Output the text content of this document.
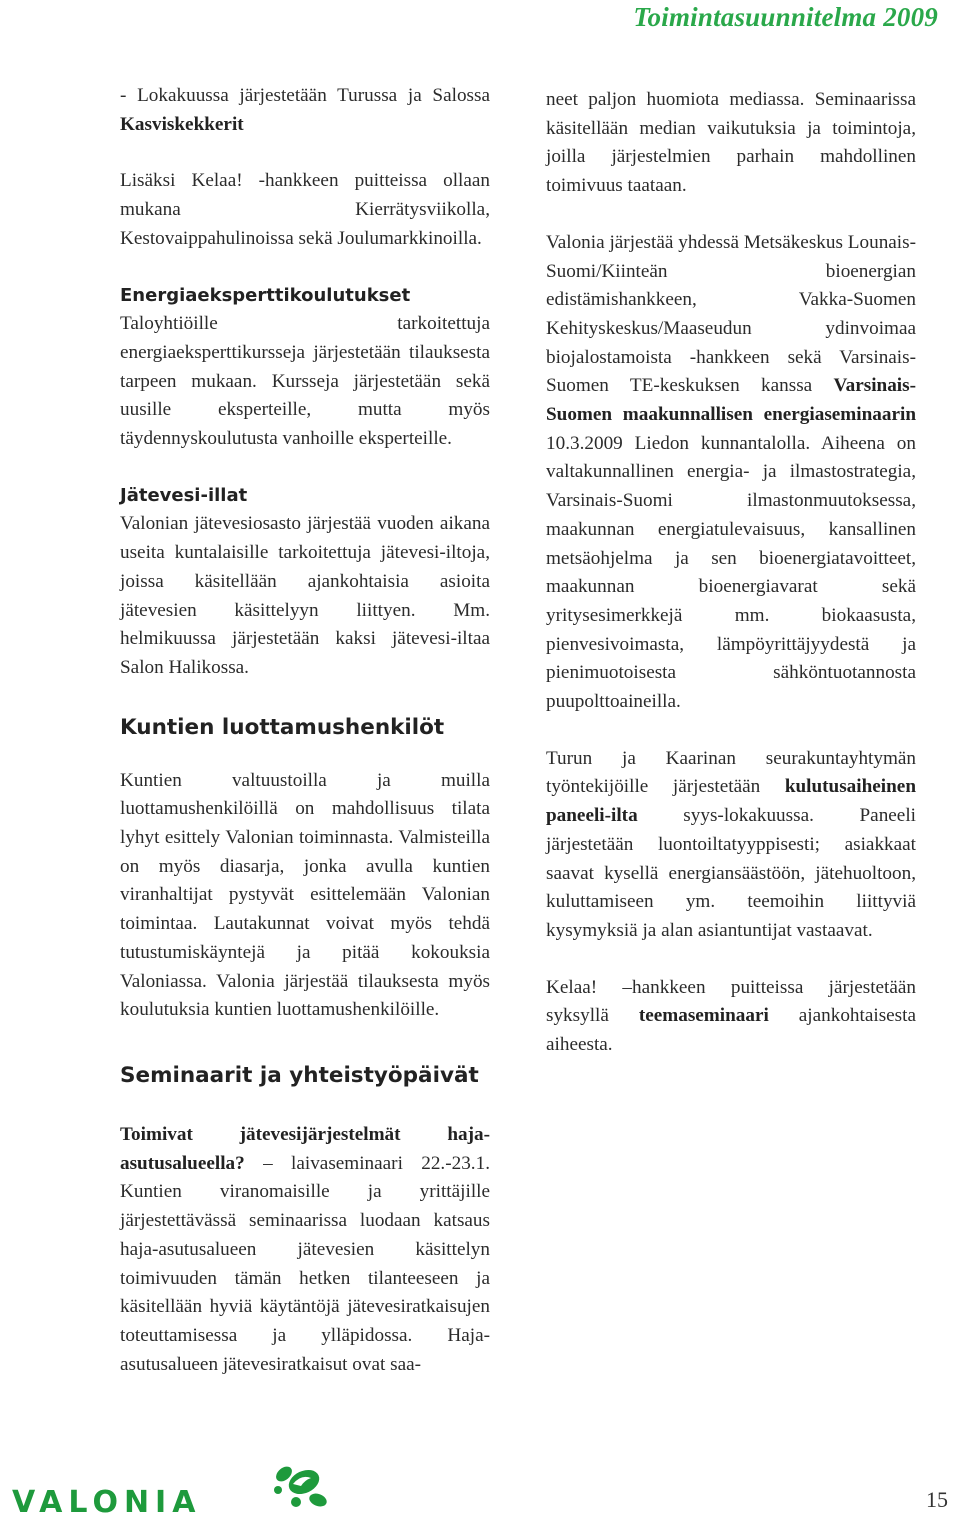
Toimintasuunnitelma 2009

- Lokakuussa järjestetään Turussa ja Salossa Kasviskekkerit

Lisäksi Kelaa! -hankkeen puitteissa ollaan mukana Kierrätysviikolla, Kestovaippahulinoissa sekä Joulumarkkinoilla.

Energiaeksperttikoulutukset

Taloyhtiöille tarkoitettuja energiaeksperttikursseja järjestetään tilauksesta tarpeen mukaan. Kursseja järjestetään sekä uusille eksperteille, mutta myös täydennyskoulutusta vanhoille eksperteille.

Jätevesi-illat

Valonian jätevesiosasto järjestää vuoden aikana useita kuntalaisille tarkoitettuja jätevesi-iltoja, joissa käsitellään ajankohtaisia asioita jätevesien käsittelyyn liittyen. Mm. helmikuussa järjestetään kaksi jätevesi-iltaa Salon Halikossa.

Kuntien luottamushenkilöt

Kuntien valtuustoilla ja muilla luottamushenkilöillä on mahdollisuus tilata lyhyt esittely Valonian toiminnasta. Valmisteilla on myös diasarja, jonka avulla kuntien viranhaltijat pystyvät esittelemään Valonian toimintaa. Lautakunnat voivat myös tehdä tutustumiskäyntejä ja pitää kokouksia Valoniassa. Valonia järjestää tilauksesta myös koulutuksia kuntien luottamushenkilöille.

Seminaarit ja yhteistyöpäivät

Toimivat jätevesijärjestelmät haja-asutusalueella? – laivaseminaari 22.-23.1. Kuntien viranomaisille ja yrittäjille järjestettävässä seminaarissa luodaan katsaus haja-asutusalueen jätevesien käsittelyn toimivuuden tämän hetken tilanteeseen ja käsitellään hyviä käytäntöjä jätevesiratkaisujen toteuttamisessa ja ylläpidossa. Haja-asutusalueen jätevesiratkaisut ovat saa-

neet paljon huomiota mediassa. Seminaarissa käsitellään median vaikutuksia ja toimintoja, joilla järjestelmien parhain mahdollinen toimivuus taataan.

Valonia järjestää yhdessä Metsäkeskus Lounais-Suomi/Kiinteän bioenergian edistämishankkeen, Vakka-Suomen Kehityskeskus/Maaseudun ydinvoimaa biojalostamoista -hankkeen sekä Varsinais-Suomen TE-keskuksen kanssa Varsinais-Suomen maakunnallisen energiaseminaarin 10.3.2009 Liedon kunnantalolla. Aiheena on valtakunnallinen energia- ja ilmastostrategia, Varsinais-Suomi ilmastonmuutoksessa, maakunnan energiatulevaisuus, kansallinen metsäohjelma ja sen bioenergiatavoitteet, maakunnan bioenergiavarat sekä yritysesimerkkejä mm. biokaasusta, pienvesivoimasta, lämpöyrittäjyydestä ja pienimuotoisesta sähköntuotannosta puupolttoaineilla.

Turun ja Kaarinan seurakuntayhtymän työntekijöille järjestetään kulutusaiheinen paneeli-ilta syys-lokakuussa. Paneeli järjestetään luontoiltatyyppisesti; asiakkaat saavat kysellä energiansäästöön, jätehuoltoon, kuluttamiseen ym. teemoihin liittyviä kysymyksiä ja alan asiantuntijat vastaavat.

Kelaa! –hankkeen puitteissa järjestetään syksyllä teemaseminaari ajankohtaisesta aiheesta.

VALONIA	15
